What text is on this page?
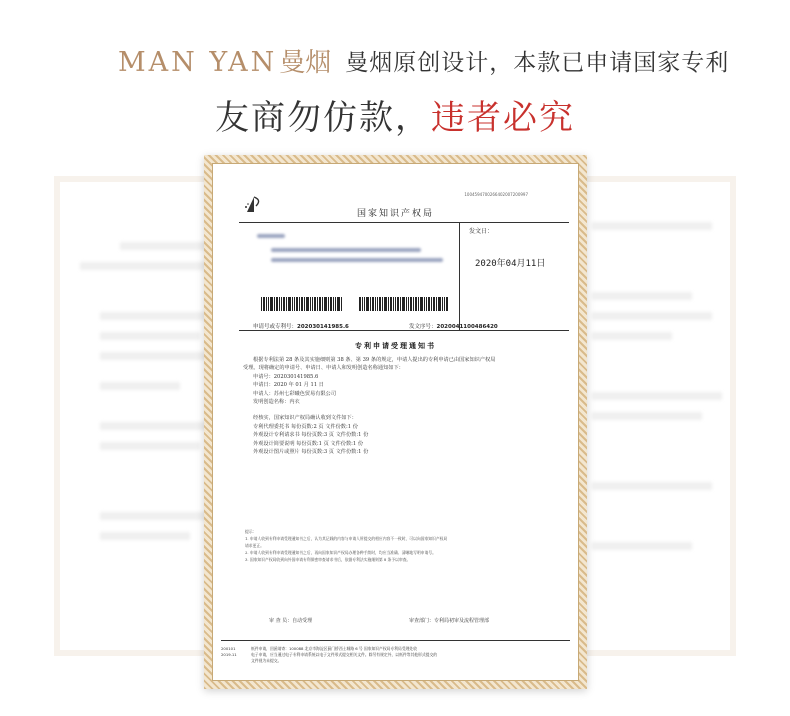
MAN YAN曼烟 曼烟原创设计，本款已申请国家专利
友商勿仿款，违者必究
1004594700266402007200997
国家知识产权局
发文日：
2020年04月11日
申请号或专利号：202030141985.6	发文序号：2020041100486420
专利申请受理通知书

根据专利法第 28 条及其实施细则第 38 条、第 39 条的规定，申请人提出的专利申请已由国家知识产权局

受理。现将确定的申请号、申请日、申请人和发明创造名称通知如下：

申请号：202030141985.6

申请日：2020 年 01 月 11 日

申请人：苏州七彩曦色贸易有限公司

发明创造名称：内衣

经核实，国家知识产权局确认收到文件如下：

专利代理委托书 每份页数:2 页 文件份数:1 份

外观设计专利请求书 每份页数:3 页 文件份数:1 份

外观设计简要说明 每份页数:1 页 文件份数:1 份

外观设计图片或照片 每份页数:3 页 文件份数:1 份

提示：

1. 申请人收到专利申请受理通知书之后，认为其记载的内容与申请人所提交的相应内容不一致时，可以向国家知识产权局

请求更正。

2. 申请人收到专利申请受理通知书之后，再向国家知识产权局办理各种手续时，均应当准确、清晰地写明申请号。

3. 国家知识产权局收到向外国申请专利保密审查请求书后，依据专利法实施细则第 8 条予以审查。

审 查 员：自动受理	审查部门：专利局初审及流程管理部
200101
2019.11
纸件申请，回函请寄：100088 北京市海淀区蓟门桥西土城路 6 号 国家知识产权局专利局受理处收
电子申请，应当通过电子专利申请系统以电子文件形式提交相关文件。除另有规定外，以纸件等其他形式提交的
文件视为未提交。
